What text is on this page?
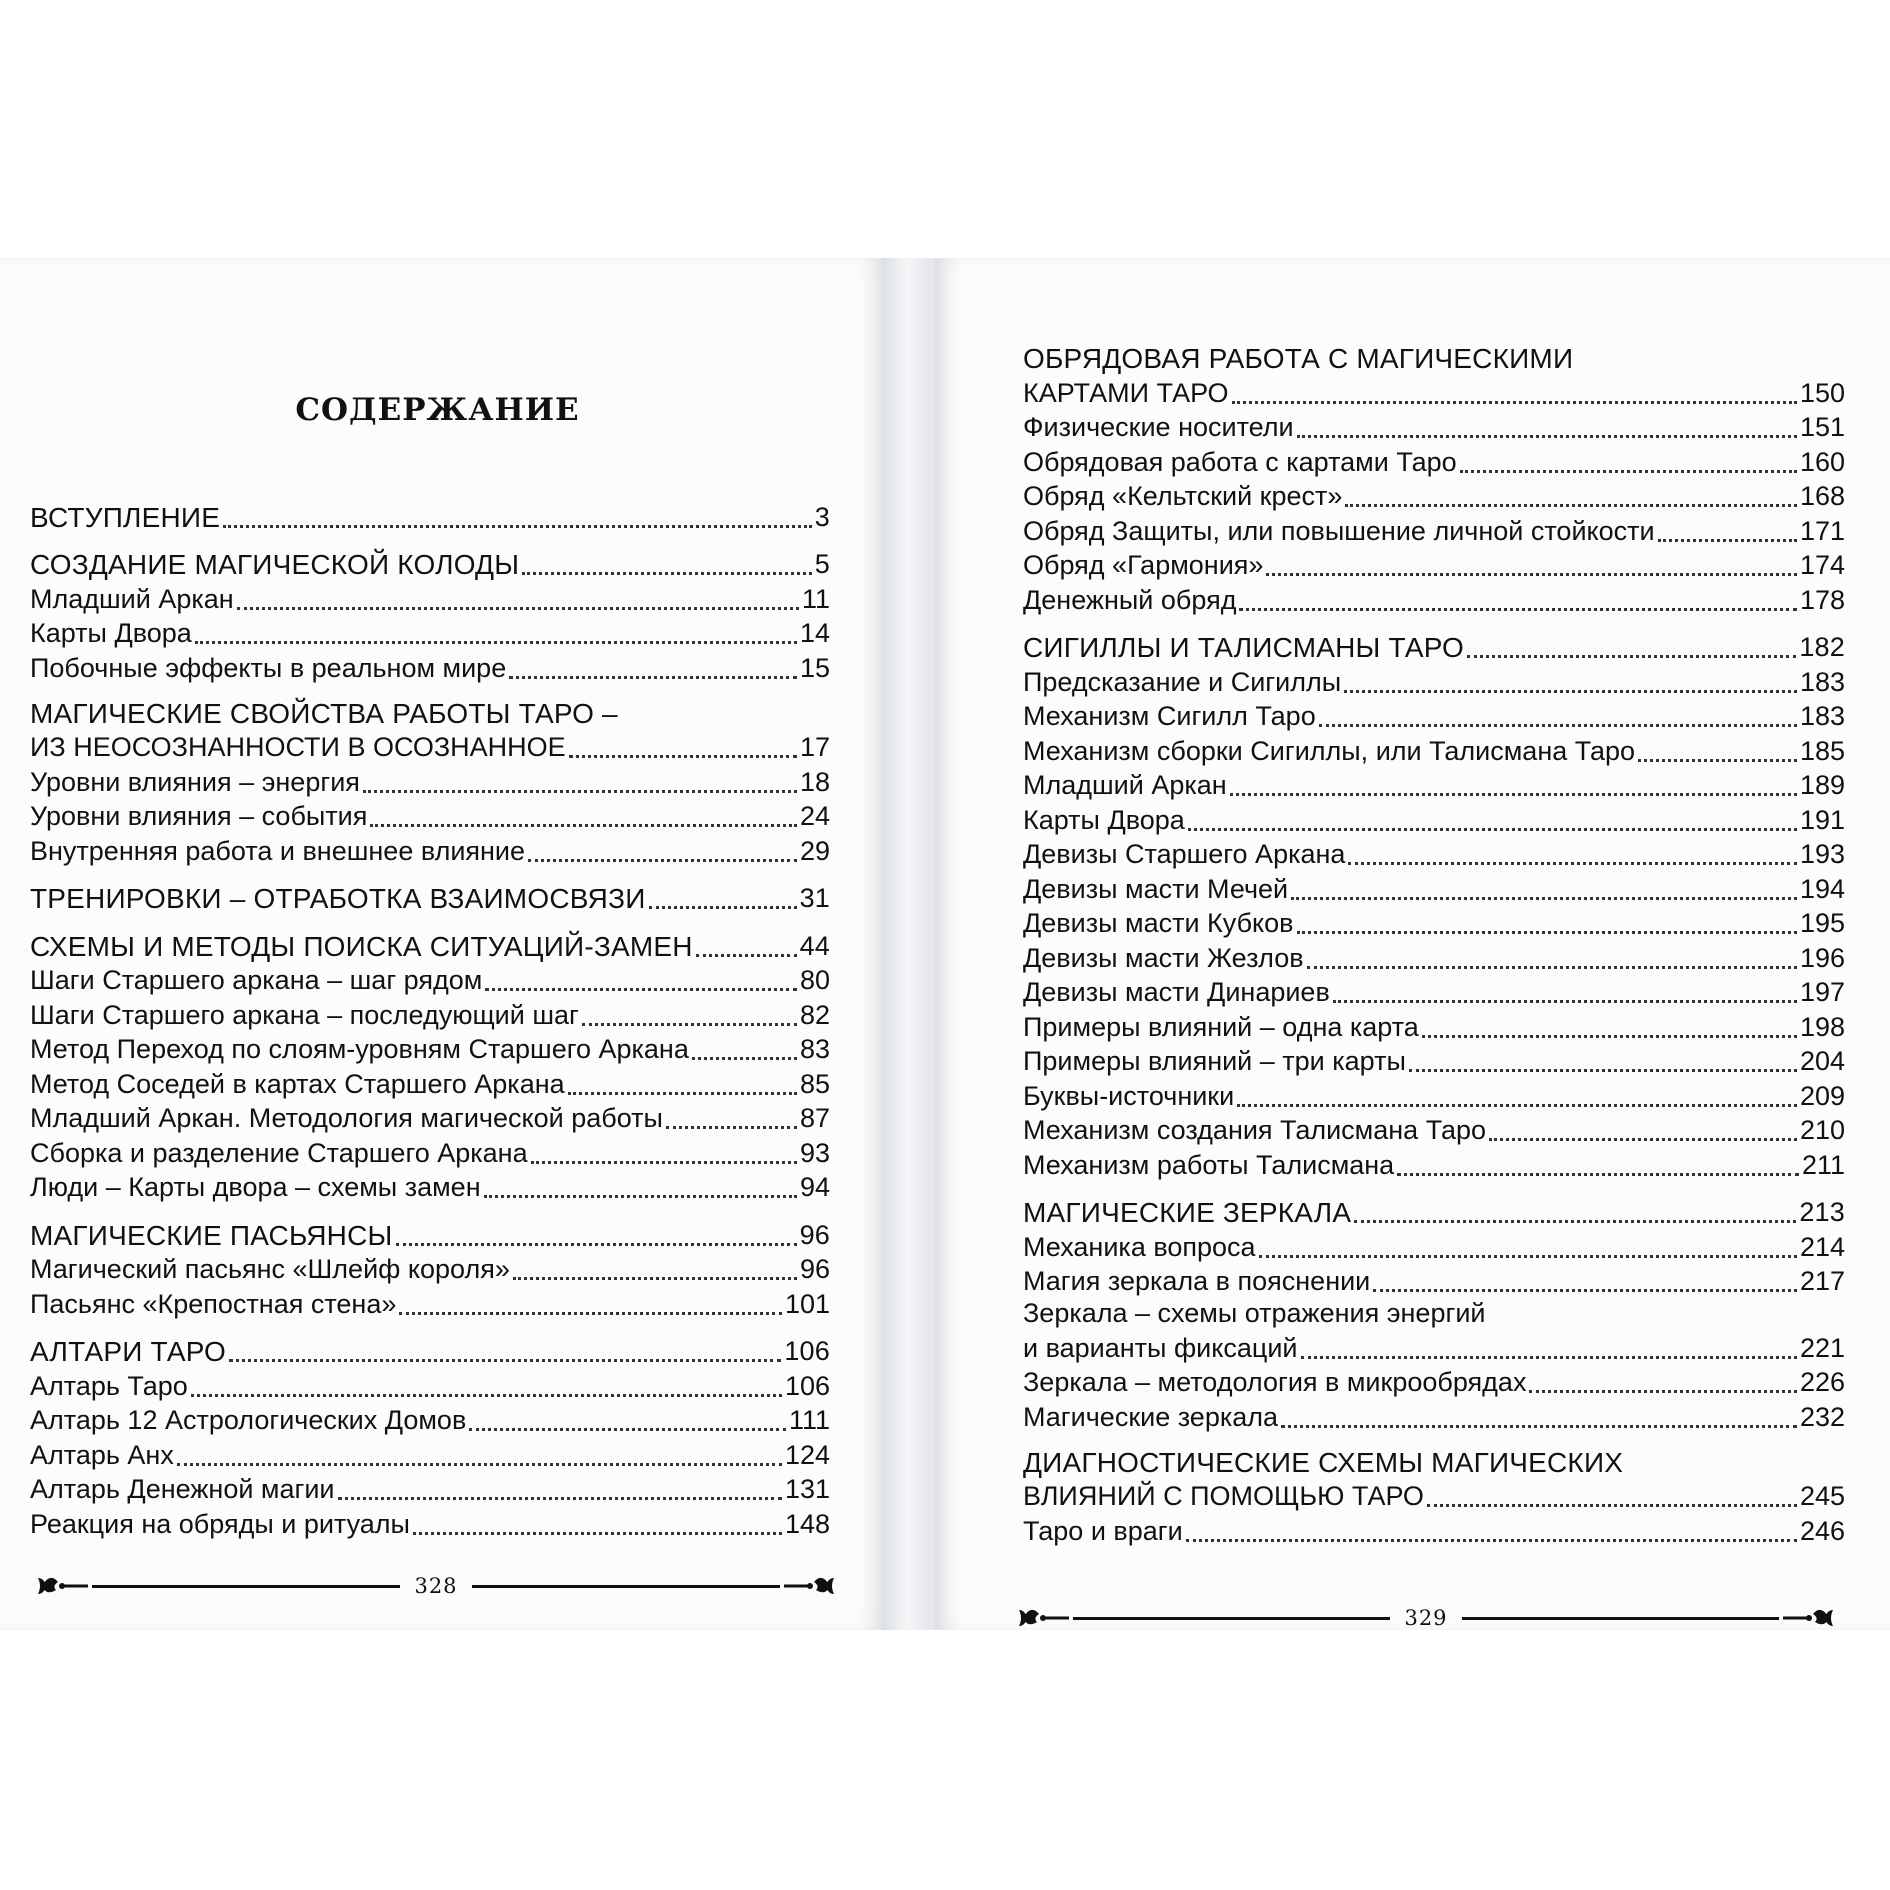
СОДЕРЖАНИЕ
ВСТУПЛЕНИЕ	3
СОЗДАНИЕ МАГИЧЕСКОЙ КОЛОДЫ	5
Младший Аркан	11
Карты Двора	14
Побочные эффекты в реальном мире	15
МАГИЧЕСКИЕ СВОЙСТВА РАБОТЫ ТАРО –
ИЗ НЕОСОЗНАННОСТИ В ОСОЗНАННОЕ	17
Уровни влияния – энергия	18
Уровни влияния – события	24
Внутренняя работа и внешнее влияние	29
ТРЕНИРОВКИ – ОТРАБОТКА ВЗАИМОСВЯЗИ	31
СХЕМЫ И МЕТОДЫ ПОИСКА СИТУАЦИЙ-ЗАМЕН	44
Шаги Старшего аркана – шаг рядом	80
Шаги Старшего аркана – последующий шаг	82
Метод Переход по слоям-уровням Старшего Аркана	83
Метод Соседей в картах Старшего Аркана	85
Младший Аркан. Методология магической работы	87
Сборка и разделение Старшего Аркана	93
Люди – Карты двора – схемы замен	94
МАГИЧЕСКИЕ ПАСЬЯНСЫ	96
Магический пасьянс «Шлейф короля»	96
Пасьянс «Крепостная стена»	101
АЛТАРИ ТАРО	106
Алтарь Таро	106
Алтарь 12 Астрологических Домов	111
Алтарь Анх	124
Алтарь Денежной магии	131
Реакция на обряды и ритуалы	148
328
ОБРЯДОВАЯ РАБОТА С МАГИЧЕСКИМИ
КАРТАМИ ТАРО	150
Физические носители	151
Обрядовая работа с картами Таро	160
Обряд «Кельтский крест»	168
Обряд Защиты, или повышение личной стойкости	171
Обряд «Гармония»	174
Денежный обряд	178
СИГИЛЛЫ И ТАЛИСМАНЫ ТАРО	182
Предсказание и Сигиллы	183
Механизм Сигилл Таро	183
Механизм сборки Сигиллы, или Талисмана Таро	185
Младший Аркан	189
Карты Двора	191
Девизы Старшего Аркана	193
Девизы масти Мечей	194
Девизы масти Кубков	195
Девизы масти Жезлов	196
Девизы масти Динариев	197
Примеры влияний – одна карта	198
Примеры влияний – три карты	204
Буквы-источники	209
Механизм создания Талисмана Таро	210
Механизм работы Талисмана	211
МАГИЧЕСКИЕ ЗЕРКАЛА	213
Механика вопроса	214
Магия зеркала в пояснении	217
Зеркала – схемы отражения энергий
и варианты фиксаций	221
Зеркала – методология в микрообрядах	226
Магические зеркала	232
ДИАГНОСТИЧЕСКИЕ СХЕМЫ МАГИЧЕСКИХ
ВЛИЯНИЙ С ПОМОЩЬЮ ТАРО	245
Таро и враги	246
329
